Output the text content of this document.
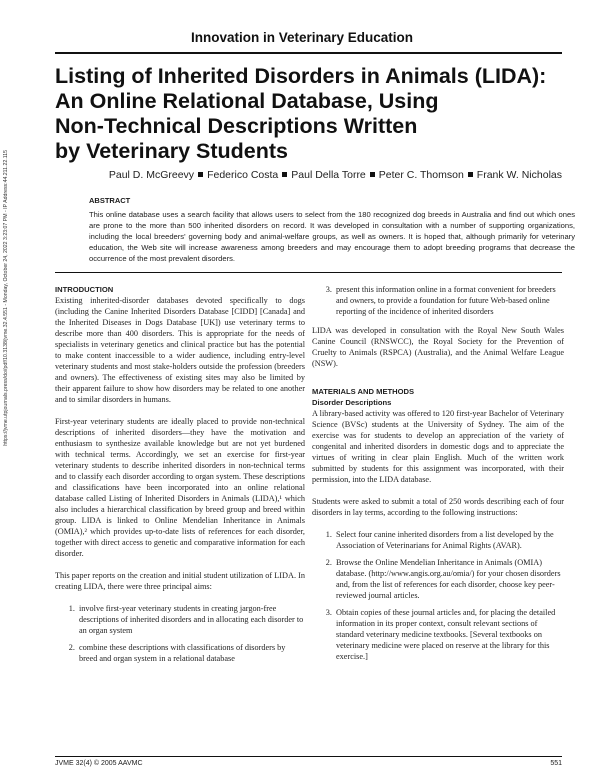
https://jvme.utpjournals.press/doi/pdf/10.3138/jvme.32.4.551 - Monday, October 24, 2022 3:23:07 PM - IP Address:44.211.22.115
Innovation in Veterinary Education
Listing of Inherited Disorders in Animals (LIDA):
An Online Relational Database, Using
Non-Technical Descriptions Written
by Veterinary Students
Paul D. McGreevy Federico Costa Paul Della Torre Peter C. Thomson Frank W. Nicholas
ABSTRACT
This online database uses a search facility that allows users to select from the 180 recognized dog breeds in Australia and find out which ones are prone to the more than 500 inherited disorders on record. It was developed in consultation with a number of supporting organizations, including the local breeders' governing body and animal-welfare groups, as well as owners. It is hoped that, although primarily for veterinary education, the Web site will increase awareness among breeders and may encourage them to adopt breeding programs that decrease the occurrence of the most prevalent disorders.
INTRODUCTION

Existing inherited-disorder databases devoted specifically to dogs (including the Canine Inherited Disorders Database [CIDD] [Canada] and the Inherited Diseases in Dogs Database [UK]) use veterinary terms to describe more than 400 disorders. This is appropriate for the needs of specialists in veterinary genetics and clinical practice but has the potential to make content inaccessible to a wider audience, including entry-level veterinary students and most stake-holders outside the profession (breeders and owners). The effectiveness of existing sites may also be limited by their apparent failure to show how disorders may be related to one another and to similar disorders in humans.

First-year veterinary students are ideally placed to provide non-technical descriptions of inherited disorders—they have the motivation and enthusiasm to synthesize available knowledge but are not yet burdened with technical terms. Accordingly, we set an exercise for first-year veterinary students to describe inherited disorders in non-technical terms and to classify each disorder according to organ system. These descriptions and classifications have been incorporated into an online relational database called Listing of Inherited Disorders in Animals (LIDA),¹ which also includes a hierarchical classification by breed group and breed within group. LIDA is linked to Online Mendelian Inheritance in Animals (OMIA),² which provides up-to-date lists of references for each disorder, together with direct access to genetic and comparative information for each disorder.

This paper reports on the creation and initial student utilization of LIDA. In creating LIDA, there were three principal aims:

1. involve first-year veterinary students in creating jargon-free descriptions of inherited disorders and in allocating each disorder to an organ system
2. combine these descriptions with classifications of disorders by breed and organ system in a relational database
3. present this information online in a format convenient for breeders and owners, to provide a foundation for future Web-based online reporting of the incidence of inherited disorders

LIDA was developed in consultation with the Royal New South Wales Canine Council (RNSWCC), the Royal Society for the Prevention of Cruelty to Animals (RSPCA) (Australia), and the Animal Welfare League (NSW).

MATERIALS AND METHODS
Disorder Descriptions

A library-based activity was offered to 120 first-year Bachelor of Veterinary Science (BVSc) students at the University of Sydney. The aim of the exercise was for students to develop an appreciation of the variety of congenital and inherited disorders in domestic dogs and to appreciate the virtues of writing in clear plain English. Much of the written work submitted by students for this assignment was incorporated, with their permission, into the LIDA database.

Students were asked to submit a total of 250 words describing each of four disorders in lay terms, according to the following instructions:

1. Select four canine inherited disorders from a list developed by the Association of Veterinarians for Animal Rights (AVAR).
2. Browse the Online Mendelian Inheritance in Animals (OMIA) database. (http://www.angis.org.au/omia/) for your chosen disorders and, from the list of references for each disorder, choose key peer-reviewed journal articles.
3. Obtain copies of these journal articles and, for placing the detailed information in its proper context, consult relevant sections of standard veterinary medicine textbooks. [Several textbooks on veterinary medicine were placed on reserve at the library for this exercise.]
JVME 32(4) © 2005 AAVMC	551
